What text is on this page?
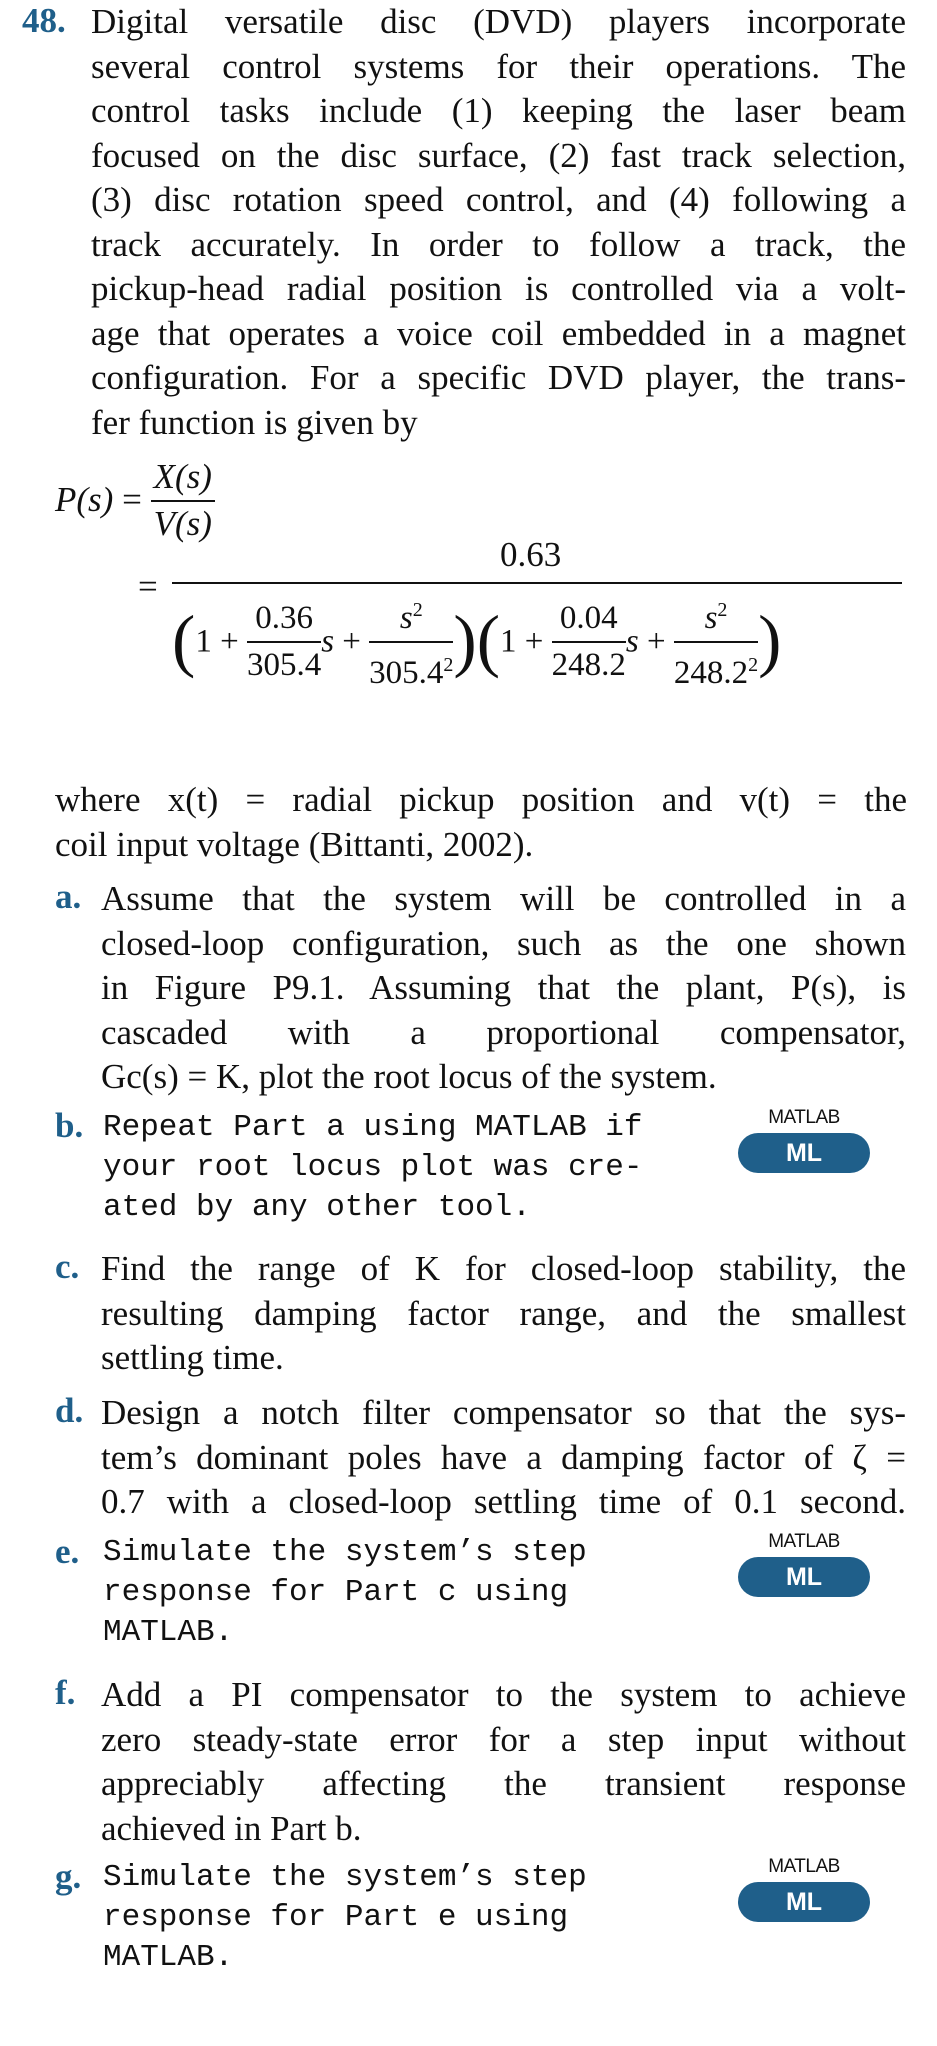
48. Digital versatile disc (DVD) players incorporate
several control systems for their operations. The
control tasks include (1) keeping the laser beam
focused on the disc surface, (2) fast track selection,
(3) disc rotation speed control, and (4) following a
track accurately. In order to follow a track, the
pickup-head radial position is controlled via a volt-
age that operates a voice coil embedded in a magnet
configuration. For a specific DVD player, the trans-
fer function is given by
$P(s) = \frac{X(s)}{V(s)}$
=
0.63
($1 + \frac{0.36}{305.4}$ $s + \frac{s^2}{305.4^2} )(1 + \frac{0.04}{248.2}$ $s + \frac{s^2}{248.2^2}$ )
where x(t) = radial pickup position and v(t) = the
coil input voltage (Bittanti, 2002).
a. Assume that the system will be controlled in a
closed-loop configuration, such as the one shown
in Figure P9.1. Assuming that the plant, P(s), is
cascaded with a proportional compensator,
Gc(s) = K, plot the root locus of the system.
b. Repeat Part a using MATLAB if
your root locus plot was cre-
ated by any other tool.
MATLAB
ML
c. Find the range of K for closed-loop stability, the
resulting damping factor range, and the smallest
settling time.
d. Design a notch filter compensator so that the sys-
tem’s dominant poles have a damping factor of ζ =
0.7 with a closed-loop settling time of 0.1 second.
e. Simulate the system’s step
response for Part c using
MATLAB.
MATLAB
ML
f. Add a PI compensator to the system to achieve
zero steady-state error for a step input without
appreciably affecting the transient response
achieved in Part b.
g. Simulate the system’s step
response for Part e using
MATLAB.
MATLAB
ML
